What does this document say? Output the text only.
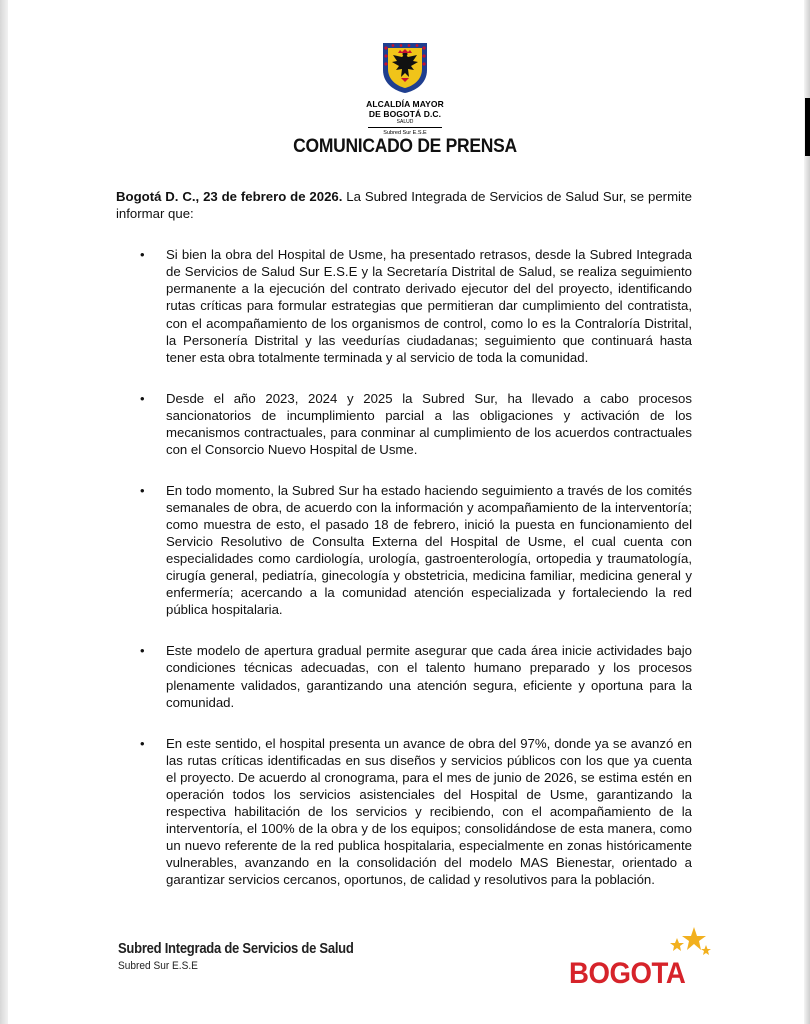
ALCALDÍA MAYOR
DE BOGOTÁ D.C.
SALUD
Subred Sur E.S.E
COMUNICADO DE PRENSA

Bogotá D. C., 23 de febrero de 2026. La Subred Integrada de Servicios de Salud Sur, se permite informar que:

• Si bien la obra del Hospital de Usme, ha presentado retrasos, desde la Subred Integrada de Servicios de Salud Sur E.S.E y la Secretaría Distrital de Salud, se realiza seguimiento permanente a la ejecución del contrato derivado ejecutor del del proyecto, identificando rutas críticas para formular estrategias que permitieran dar cumplimiento del contratista, con el acompañamiento de los organismos de control, como lo es la Contraloría Distrital, la Personería Distrital y las veedurías ciudadanas; seguimiento que continuará hasta tener esta obra totalmente terminada y al servicio de toda la comunidad.
• Desde el año 2023, 2024 y 2025 la Subred Sur, ha llevado a cabo procesos sancionatorios de incumplimiento parcial a las obligaciones y activación de los mecanismos contractuales, para conminar al cumplimiento de los acuerdos contractuales con el Consorcio Nuevo Hospital de Usme.
• En todo momento, la Subred Sur ha estado haciendo seguimiento a través de los comités semanales de obra, de acuerdo con la información y acompañamiento de la interventoría; como muestra de esto, el pasado 18 de febrero, inició la puesta en funcionamiento del Servicio Resolutivo de Consulta Externa del Hospital de Usme, el cual cuenta con especialidades como cardiología, urología, gastroenterología, ortopedia y traumatología, cirugía general, pediatría, ginecología y obstetricia, medicina familiar, medicina general y enfermería; acercando a la comunidad atención especializada y fortaleciendo la red pública hospitalaria.
• Este modelo de apertura gradual permite asegurar que cada área inicie actividades bajo condiciones técnicas adecuadas, con el talento humano preparado y los procesos plenamente validados, garantizando una atención segura, eficiente y oportuna para la comunidad.
• En este sentido, el hospital presenta un avance de obra del 97%, donde ya se avanzó en las rutas críticas identificadas en sus diseños y servicios públicos con los que ya cuenta el proyecto. De acuerdo al cronograma, para el mes de junio de 2026, se estima estén en operación todos los servicios asistenciales del Hospital de Usme, garantizando la respectiva habilitación de los servicios y recibiendo, con el acompañamiento de la interventoría, el 100% de la obra y de los equipos; consolidándose de esta manera, como un nuevo referente de la red publica hospitalaria, especialmente en zonas históricamente vulnerables, avanzando en la consolidación del modelo MAS Bienestar, orientado a garantizar servicios cercanos, oportunos, de calidad y resolutivos para la población.
Subred Integrada de Servicios de Salud
Subred Sur E.S.E	BOGOTA
